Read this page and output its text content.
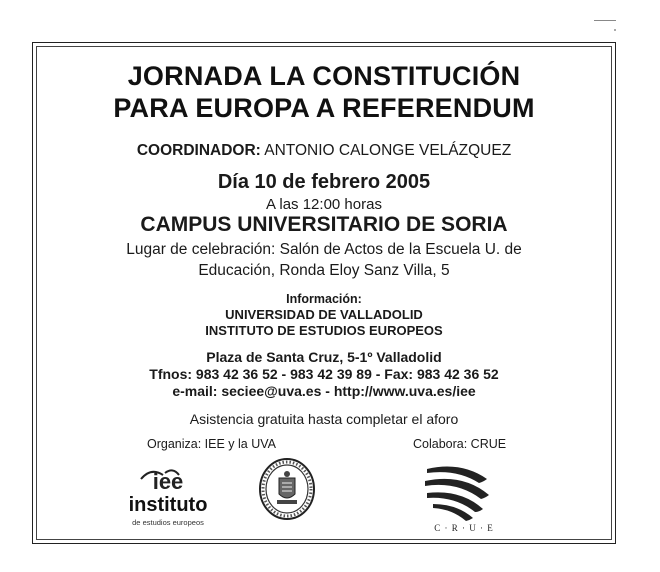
JORNADA LA CONSTITUCIÓN
PARA EUROPA A REFERENDUM
COORDINADOR: ANTONIO CALONGE VELÁZQUEZ
Día 10 de febrero 2005
A las 12:00 horas
CAMPUS UNIVERSITARIO DE SORIA
Lugar de celebración: Salón de Actos de la Escuela U. de
Educación, Ronda Eloy Sanz Villa, 5
Información:
UNIVERSIDAD DE VALLADOLID
INSTITUTO DE ESTUDIOS EUROPEOS
Plaza de Santa Cruz, 5-1º Valladolid
Tfnos: 983 42 36 52 - 983 42 39 89 - Fax: 983 42 36 52
e-mail: seciee@uva.es - http://www.uva.es/iee
Asistencia gratuita hasta completar el aforo
Organiza: IEE y la UVA	Colabora: CRUE
iee
instituto
de estudios europeos
C · R · U · E
